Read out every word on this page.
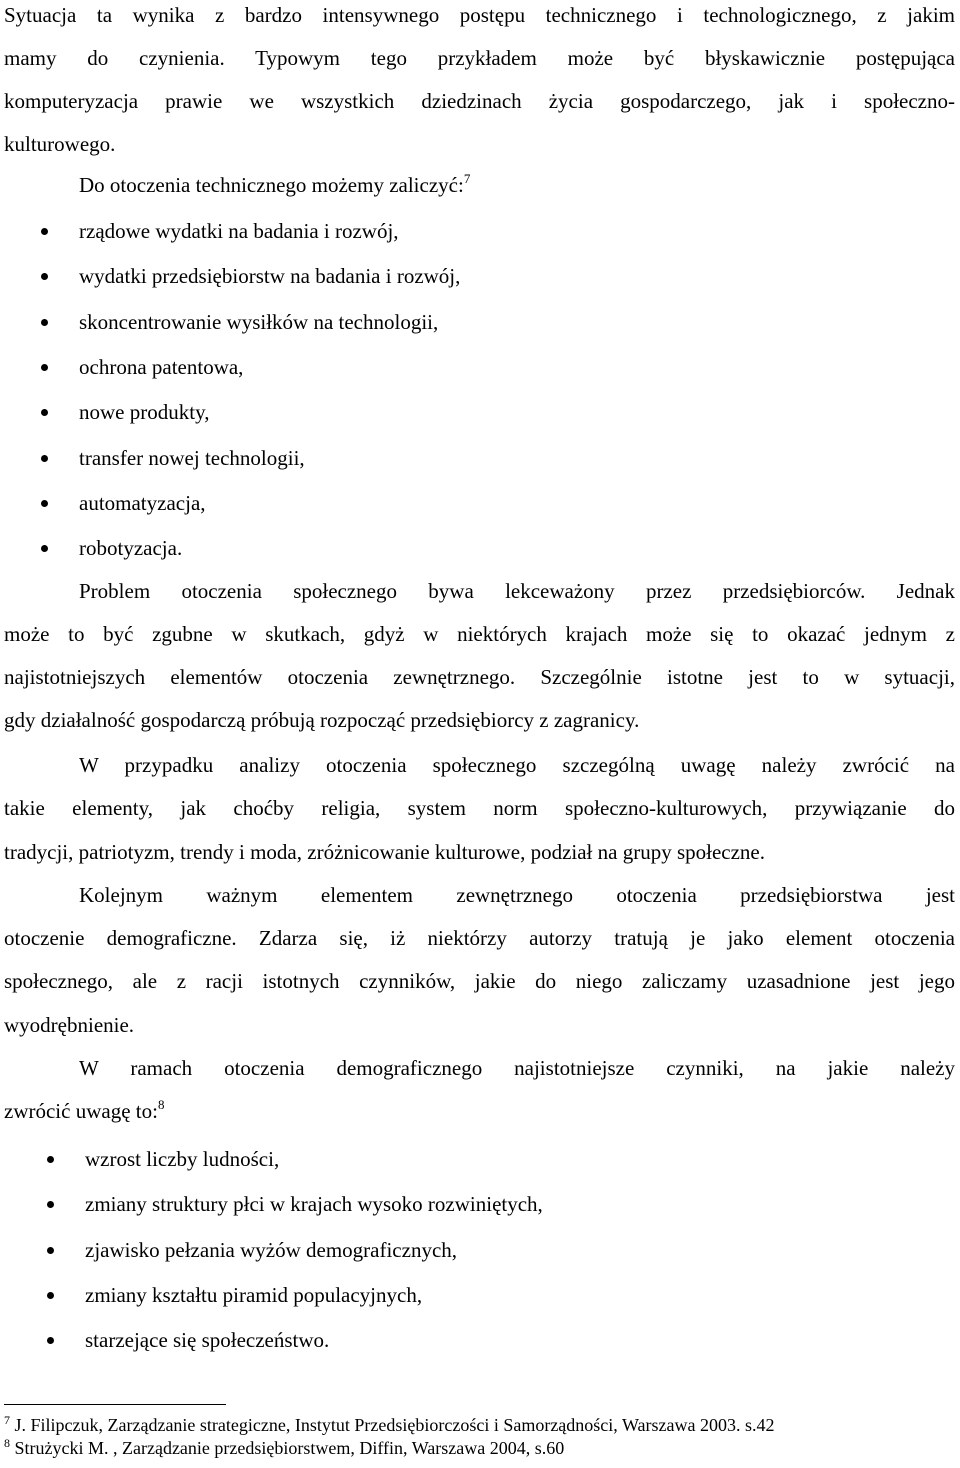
Sytuacja ta wynika z bardzo intensywnego postępu technicznego i technologicznego, z jakim
mamy do czynienia. Typowym tego przykładem może być błyskawicznie postępująca
komputeryzacja prawie we wszystkich dziedzinach życia gospodarczego, jak i społeczno-
kulturowego.
Do otoczenia technicznego możemy zaliczyć:$^7$
rządowe wydatki na badania i rozwój,
wydatki przedsiębiorstw na badania i rozwój,
skoncentrowanie wysiłków na technologii,
ochrona patentowa,
nowe produkty,
transfer nowej technologii,
automatyzacja,
robotyzacja.
Problem otoczenia społecznego bywa lekceważony przez przedsiębiorców. Jednak
może to być zgubne w skutkach, gdyż w niektórych krajach może się to okazać jednym z
najistotniejszych elementów otoczenia zewnętrznego. Szczególnie istotne jest to w sytuacji,
gdy działalność gospodarczą próbują rozpocząć przedsiębiorcy z zagranicy.
W przypadku analizy otoczenia społecznego szczególną uwagę należy zwrócić na
takie elementy, jak choćby religia, system norm społeczno-kulturowych, przywiązanie do
tradycji, patriotyzm, trendy i moda, zróżnicowanie kulturowe, podział na grupy społeczne.
Kolejnym ważnym elementem zewnętrznego otoczenia przedsiębiorstwa jest
otoczenie demograficzne. Zdarza się, iż niektórzy autorzy tratują je jako element otoczenia
społecznego, ale z racji istotnych czynników, jakie do niego zaliczamy uzasadnione jest jego
wyodrębnienie.
W ramach otoczenia demograficznego najistotniejsze czynniki, na jakie należy
zwrócić uwagę to:$^8$
wzrost liczby ludności,
zmiany struktury płci w krajach wysoko rozwiniętych,
zjawisko pełzania wyżów demograficznych,
zmiany kształtu piramid populacyjnych,
starzejące się społeczeństwo.
$^7$ J. Filipczuk, Zarządzanie strategiczne, Instytut Przedsiębiorczości i Samorządności, Warszawa 2003. s.42
$^8$ Strużycki M. , Zarządzanie przedsiębiorstwem, Diffin, Warszawa 2004, s.60
